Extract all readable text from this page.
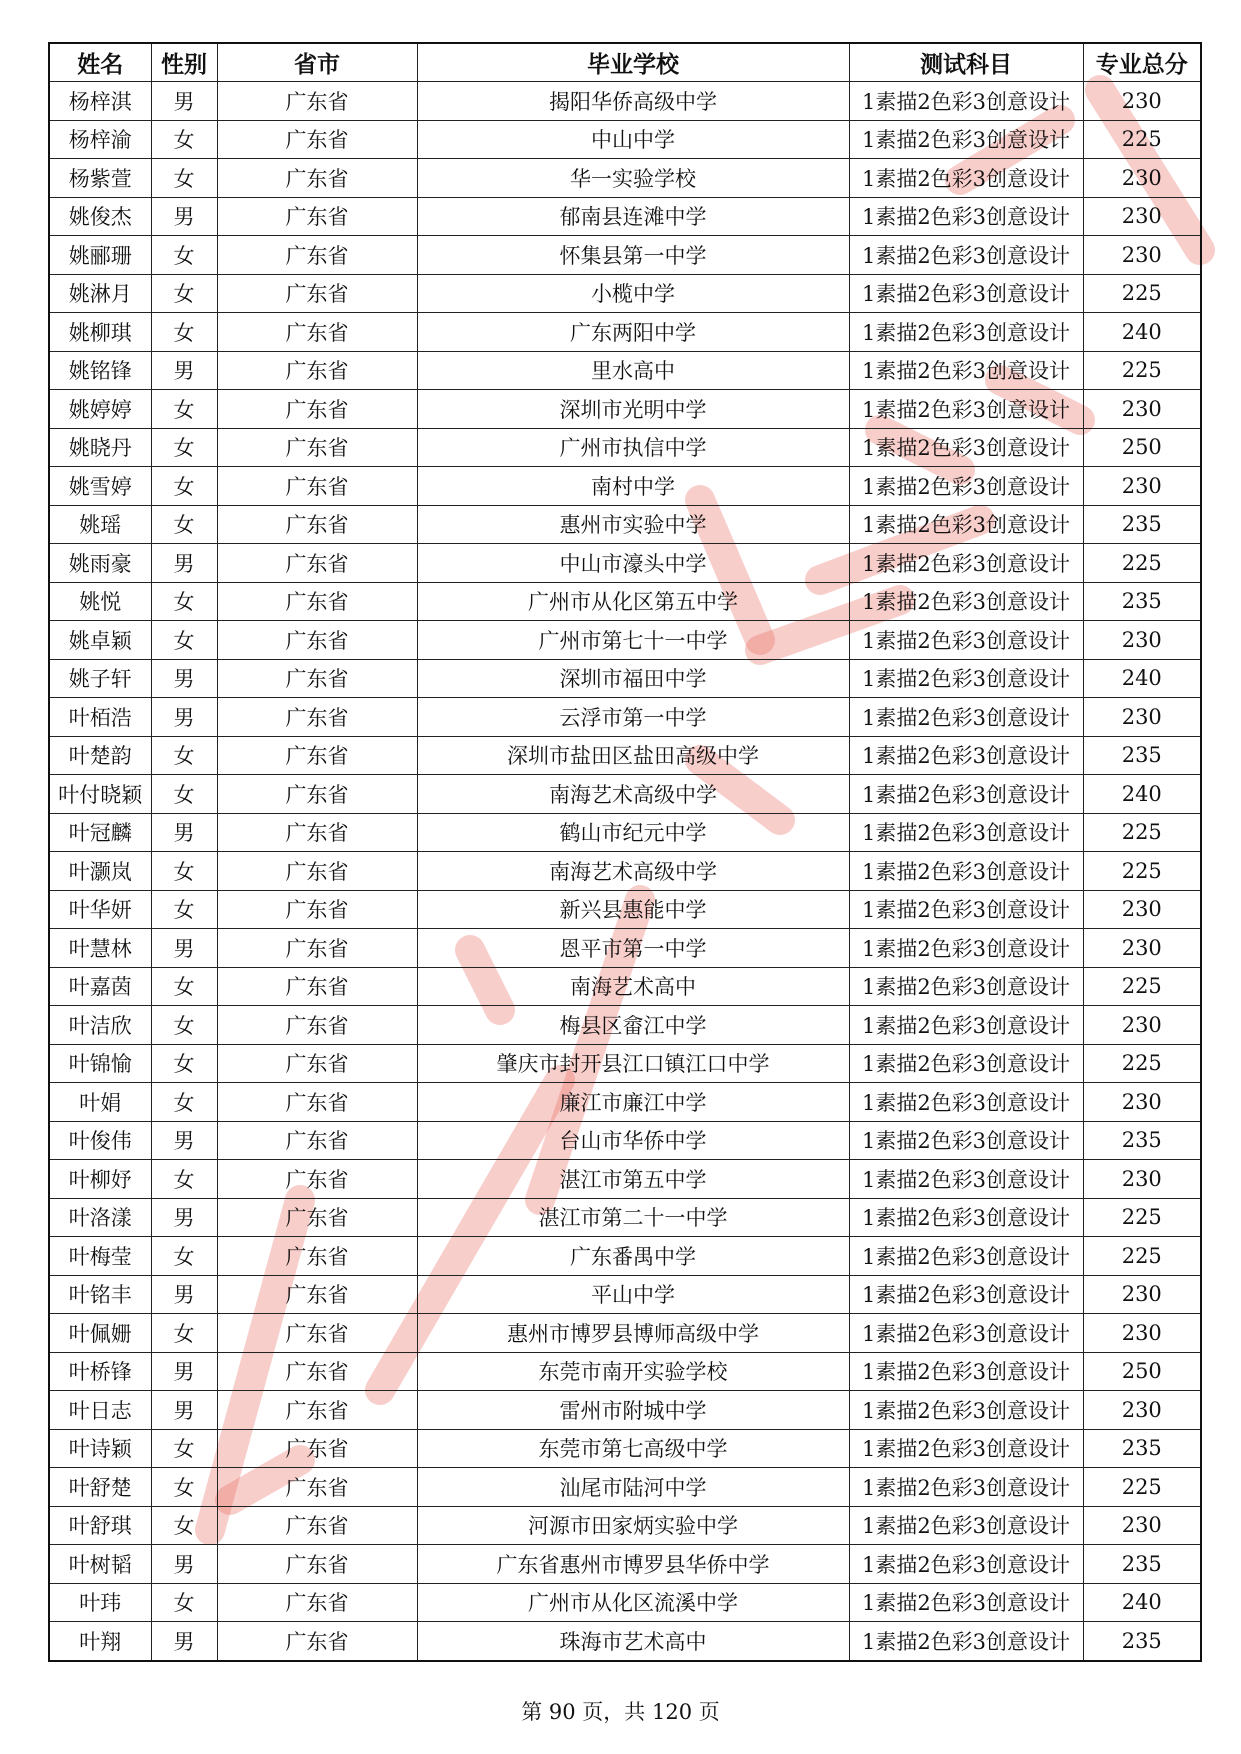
姓名	性别	省市	毕业学校	测试科目	专业总分
杨梓淇	男	广东省	揭阳华侨高级中学	1素描2色彩3创意设计	230
杨梓渝	女	广东省	中山中学	1素描2色彩3创意设计	225
杨紫萱	女	广东省	华一实验学校	1素描2色彩3创意设计	230
姚俊杰	男	广东省	郁南县连滩中学	1素描2色彩3创意设计	230
姚郦珊	女	广东省	怀集县第一中学	1素描2色彩3创意设计	230
姚淋月	女	广东省	小榄中学	1素描2色彩3创意设计	225
姚柳琪	女	广东省	广东两阳中学	1素描2色彩3创意设计	240
姚铭锋	男	广东省	里水高中	1素描2色彩3创意设计	225
姚婷婷	女	广东省	深圳市光明中学	1素描2色彩3创意设计	230
姚晓丹	女	广东省	广州市执信中学	1素描2色彩3创意设计	250
姚雪婷	女	广东省	南村中学	1素描2色彩3创意设计	230
姚瑶	女	广东省	惠州市实验中学	1素描2色彩3创意设计	235
姚雨豪	男	广东省	中山市濠头中学	1素描2色彩3创意设计	225
姚悦	女	广东省	广州市从化区第五中学	1素描2色彩3创意设计	235
姚卓颖	女	广东省	广州市第七十一中学	1素描2色彩3创意设计	230
姚子轩	男	广东省	深圳市福田中学	1素描2色彩3创意设计	240
叶栢浩	男	广东省	云浮市第一中学	1素描2色彩3创意设计	230
叶楚韵	女	广东省	深圳市盐田区盐田高级中学	1素描2色彩3创意设计	235
叶付晓颖	女	广东省	南海艺术高级中学	1素描2色彩3创意设计	240
叶冠麟	男	广东省	鹤山市纪元中学	1素描2色彩3创意设计	225
叶灏岚	女	广东省	南海艺术高级中学	1素描2色彩3创意设计	225
叶华妍	女	广东省	新兴县惠能中学	1素描2色彩3创意设计	230
叶慧林	男	广东省	恩平市第一中学	1素描2色彩3创意设计	230
叶嘉茵	女	广东省	南海艺术高中	1素描2色彩3创意设计	225
叶洁欣	女	广东省	梅县区畲江中学	1素描2色彩3创意设计	230
叶锦愉	女	广东省	肇庆市封开县江口镇江口中学	1素描2色彩3创意设计	225
叶娟	女	广东省	廉江市廉江中学	1素描2色彩3创意设计	230
叶俊伟	男	广东省	台山市华侨中学	1素描2色彩3创意设计	235
叶柳妤	女	广东省	湛江市第五中学	1素描2色彩3创意设计	230
叶洛漾	男	广东省	湛江市第二十一中学	1素描2色彩3创意设计	225
叶梅莹	女	广东省	广东番禺中学	1素描2色彩3创意设计	225
叶铭丰	男	广东省	平山中学	1素描2色彩3创意设计	230
叶佩姗	女	广东省	惠州市博罗县博师高级中学	1素描2色彩3创意设计	230
叶桥锋	男	广东省	东莞市南开实验学校	1素描2色彩3创意设计	250
叶日志	男	广东省	雷州市附城中学	1素描2色彩3创意设计	230
叶诗颖	女	广东省	东莞市第七高级中学	1素描2色彩3创意设计	235
叶舒楚	女	广东省	汕尾市陆河中学	1素描2色彩3创意设计	225
叶舒琪	女	广东省	河源市田家炳实验中学	1素描2色彩3创意设计	230
叶树韬	男	广东省	广东省惠州市博罗县华侨中学	1素描2色彩3创意设计	235
叶玮	女	广东省	广州市从化区流溪中学	1素描2色彩3创意设计	240
叶翔	男	广东省	珠海市艺术高中	1素描2色彩3创意设计	235
第 90 页，共 120 页
